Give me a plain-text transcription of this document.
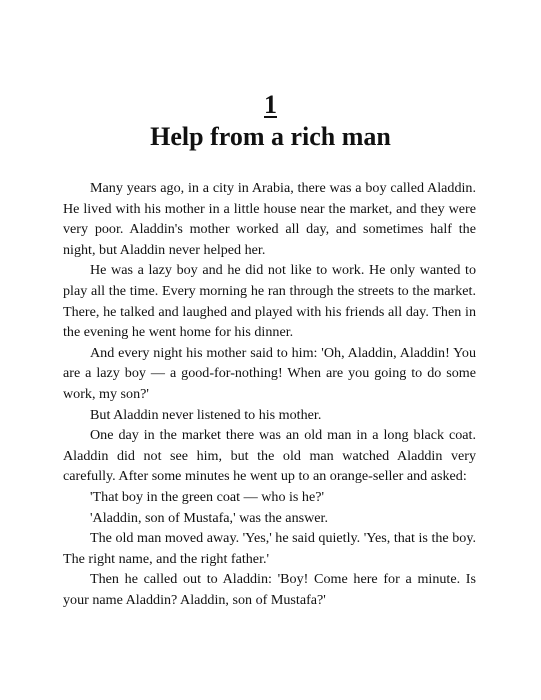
1
Help from a rich man

Many years ago, in a city in Arabia, there was a boy called Aladdin. He lived with his mother in a little house near the market, and they were very poor. Aladdin's mother worked all day, and sometimes half the night, but Aladdin never helped her.

He was a lazy boy and he did not like to work. He only wanted to play all the time. Every morning he ran through the streets to the market. There, he talked and laughed and played with his friends all day. Then in the evening he went home for his dinner.

And every night his mother said to him: 'Oh, Aladdin, Aladdin! You are a lazy boy — a good-for-nothing! When are you going to do some work, my son?'

But Aladdin never listened to his mother.

One day in the market there was an old man in a long black coat. Aladdin did not see him, but the old man watched Aladdin very carefully. After some minutes he went up to an orange-seller and asked:

'That boy in the green coat — who is he?'

'Aladdin, son of Mustafa,' was the answer.

The old man moved away. 'Yes,' he said quietly. 'Yes, that is the boy. The right name, and the right father.'

Then he called out to Aladdin: 'Boy! Come here for a minute. Is your name Aladdin? Aladdin, son of Mustafa?'
